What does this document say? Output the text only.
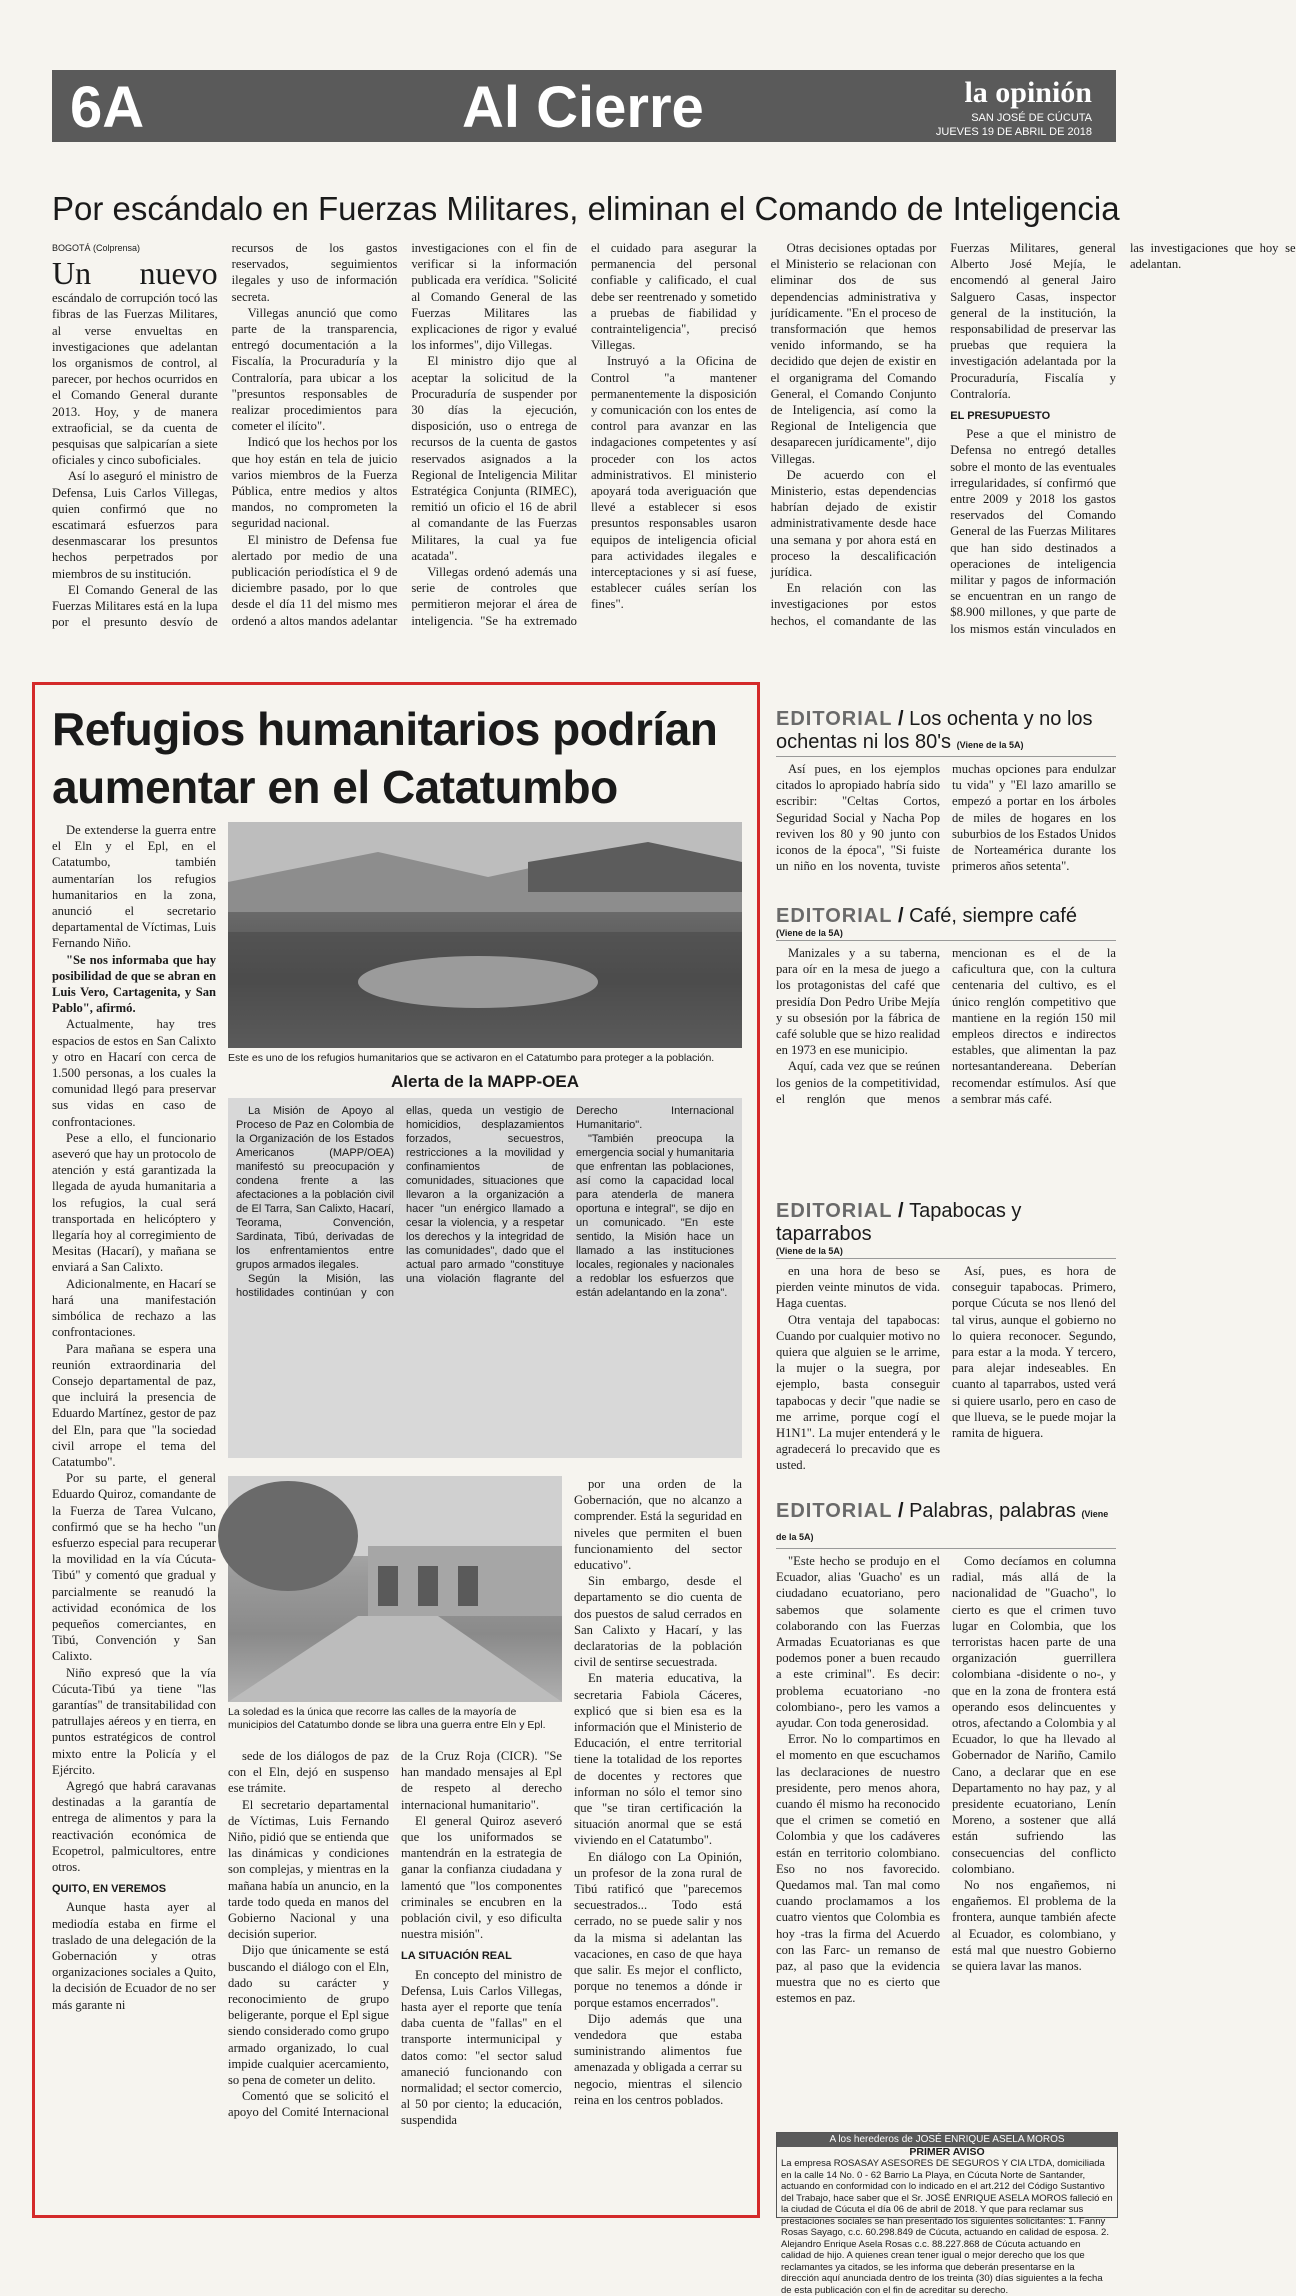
6A	Al Cierre	la opinión
SAN JOSÉ DE CÚCUTA
JUEVES 19 DE ABRIL DE 2018
Por escándalo en Fuerzas Militares, eliminan el Comando de Inteligencia
BOGOTÁ (Colprensa)

Un nuevo escándalo de corrupción tocó las fibras de las Fuerzas Militares, al verse envueltas en investigaciones que adelantan los organismos de control, al parecer, por hechos ocurridos en el Comando General durante 2013. Hoy, y de manera extraoficial, se da cuenta de pesquisas que salpicarían a siete oficiales y cinco suboficiales.

Así lo aseguró el ministro de Defensa, Luis Carlos Villegas, quien confirmó que no escatimará esfuerzos para desenmascarar los presuntos hechos perpetrados por miembros de su institución.

El Comando General de las Fuerzas Militares está en la lupa por el presunto desvío de recursos de los gastos reservados, seguimientos ilegales y uso de información secreta.

Villegas anunció que como parte de la transparencia, entregó documentación a la Fiscalía, la Procuraduría y la Contraloría, para ubicar a los "presuntos responsables de realizar procedimientos para cometer el ilícito".

Indicó que los hechos por los que hoy están en tela de juicio varios miembros de la Fuerza Pública, entre medios y altos mandos, no comprometen la seguridad nacional.

El ministro de Defensa fue alertado por medio de una publicación periodística el 9 de diciembre pasado, por lo que desde el día 11 del mismo mes ordenó a altos mandos adelantar investigaciones con el fin de verificar si la información publicada era verídica. "Solicité al Comando General de las Fuerzas Militares las explicaciones de rigor y evalué los informes", dijo Villegas.

El ministro dijo que al aceptar la solicitud de la Procuraduría de suspender por 30 días la ejecución, disposición, uso o entrega de recursos de la cuenta de gastos reservados asignados a la Regional de Inteligencia Militar Estratégica Conjunta (RIMEC), remitió un oficio el 16 de abril al comandante de las Fuerzas Militares, la cual ya fue acatada".

Villegas ordenó además una serie de controles que permitieron mejorar el área de inteligencia. "Se ha extremado el cuidado para asegurar la permanencia del personal confiable y calificado, el cual debe ser reentrenado y sometido a pruebas de fiabilidad y contrainteligencia", precisó Villegas.

Instruyó a la Oficina de Control "a mantener permanentemente la disposición y comunicación con los entes de control para avanzar en las indagaciones competentes y así proceder con los actos administrativos. El ministerio apoyará toda averiguación que llevé a establecer si esos presuntos responsables usaron equipos de inteligencia oficial para actividades ilegales e interceptaciones y si así fuese, establecer cuáles serían los fines".

Otras decisiones optadas por el Ministerio se relacionan con eliminar dos de sus dependencias administrativa y jurídicamente. "En el proceso de transformación que hemos venido informando, se ha decidido que dejen de existir en el organigrama del Comando General, el Comando Conjunto de Inteligencia, así como la Regional de Inteligencia que desaparecen jurídicamente", dijo Villegas.

De acuerdo con el Ministerio, estas dependencias habrían dejado de existir administrativamente desde hace una semana y por ahora está en proceso la descalificación jurídica.

En relación con las investigaciones por estos hechos, el comandante de las Fuerzas Militares, general Alberto José Mejía, le encomendó al general Jairo Salguero Casas, inspector general de la institución, la responsabilidad de preservar las pruebas que requiera la investigación adelantada por la Procuraduría, Fiscalía y Contraloría.

EL PRESUPUESTO

Pese a que el ministro de Defensa no entregó detalles sobre el monto de las eventuales irregularidades, sí confirmó que entre 2009 y 2018 los gastos reservados del Comando General de las Fuerzas Militares que han sido destinados a operaciones de inteligencia militar y pagos de información se encuentran en un rango de $8.900 millones, y que parte de los mismos están vinculados en las investigaciones que hoy se adelantan.

Refugios humanitarios podrían
aumentar en el Catatumbo

De extenderse la guerra entre el Eln y el Epl, en el Catatumbo, también aumentarían los refugios humanitarios en la zona, anunció el secretario departamental de Víctimas, Luis Fernando Niño.

"Se nos informaba que hay posibilidad de que se abran en Luis Vero, Cartagenita, y San Pablo", afirmó.

Actualmente, hay tres espacios de estos en San Calixto y otro en Hacarí con cerca de 1.500 personas, a los cuales la comunidad llegó para preservar sus vidas en caso de confrontaciones.

Pese a ello, el funcionario aseveró que hay un protocolo de atención y está garantizada la llegada de ayuda humanitaria a los refugios, la cual será transportada en helicóptero y llegaría hoy al corregimiento de Mesitas (Hacarí), y mañana se enviará a San Calixto.

Adicionalmente, en Hacarí se hará una manifestación simbólica de rechazo a las confrontaciones.

Para mañana se espera una reunión extraordinaria del Consejo departamental de paz, que incluirá la presencia de Eduardo Martínez, gestor de paz del Eln, para que "la sociedad civil arrope el tema del Catatumbo".

Por su parte, el general Eduardo Quiroz, comandante de la Fuerza de Tarea Vulcano, confirmó que se ha hecho "un esfuerzo especial para recuperar la movilidad en la vía Cúcuta-Tibú" y comentó que gradual y parcialmente se reanudó la actividad económica de los pequeños comerciantes, en Tibú, Convención y San Calixto.

Niño expresó que la vía Cúcuta-Tibú ya tiene "las garantías" de transitabilidad con patrullajes aéreos y en tierra, en puntos estratégicos de control mixto entre la Policía y el Ejército.

Agregó que habrá caravanas destinadas a la garantía de entrega de alimentos y para la reactivación económica de Ecopetrol, palmicultores, entre otros.

QUITO, EN VEREMOS

Aunque hasta ayer al mediodía estaba en firme el traslado de una delegación de la Gobernación y otras organizaciones sociales a Quito, la decisión de Ecuador de no ser más garante ni

Este es uno de los refugios humanitarios que se activaron en el Catatumbo para proteger a la población.
Alerta de la MAPP-OEA

La Misión de Apoyo al Proceso de Paz en Colombia de la Organización de los Estados Americanos (MAPP/OEA) manifestó su preocupación y condena frente a las afectaciones a la población civil de El Tarra, San Calixto, Hacarí, Teorama, Convención, Sardinata, Tibú, derivadas de los enfrentamientos entre grupos armados ilegales.

Según la Misión, las hostilidades continúan y con ellas, queda un vestigio de homicidios, desplazamientos forzados, secuestros, restricciones a la movilidad y confinamientos de comunidades, situaciones que llevaron a la organización a hacer "un enérgico llamado a cesar la violencia, y a respetar los derechos y la integridad de las comunidades", dado que el actual paro armado "constituye una violación flagrante del Derecho Internacional Humanitario".

"También preocupa la emergencia social y humanitaria que enfrentan las poblaciones, así como la capacidad local para atenderla de manera oportuna e integral", se dijo en un comunicado. "En este sentido, la Misión hace un llamado a las instituciones locales, regionales y nacionales a redoblar los esfuerzos que están adelantando en la zona".

La soledad es la única que recorre las calles de la mayoría de municipios del Catatumbo donde se libra una guerra entre Eln y Epl.

sede de los diálogos de paz con el Eln, dejó en suspenso ese trámite.

El secretario departamental de Víctimas, Luis Fernando Niño, pidió que se entienda que las dinámicas y condiciones son complejas, y mientras en la mañana había un anuncio, en la tarde todo queda en manos del Gobierno Nacional y una decisión superior.

Dijo que únicamente se está buscando el diálogo con el Eln, dado su carácter y reconocimiento de grupo beligerante, porque el Epl sigue siendo considerado como grupo armado organizado, lo cual impide cualquier acercamiento, so pena de cometer un delito.

Comentó que se solicitó el apoyo del Comité Internacional de la Cruz Roja (CICR). "Se han mandado mensajes al Epl de respeto al derecho internacional humanitario".

El general Quiroz aseveró que los uniformados se mantendrán en la estrategia de ganar la confianza ciudadana y lamentó que "los componentes criminales se encubren en la población civil, y eso dificulta nuestra misión".

LA SITUACIÓN REAL

En concepto del ministro de Defensa, Luis Carlos Villegas, hasta ayer el reporte que tenía daba cuenta de "fallas" en el transporte intermunicipal y datos como: "el sector salud amaneció funcionando con normalidad; el sector comercio, al 50 por ciento; la educación, suspendida

por una orden de la Gobernación, que no alcanzo a comprender. Está la seguridad en niveles que permiten el buen funcionamiento del sector educativo".

Sin embargo, desde el departamento se dio cuenta de dos puestos de salud cerrados en San Calixto y Hacarí, y las declaratorias de la población civil de sentirse secuestrada.

En materia educativa, la secretaria Fabiola Cáceres, explicó que si bien esa es la información que el Ministerio de Educación, el entre territorial tiene la totalidad de los reportes de docentes y rectores que informan no sólo el temor sino que "se tiran certificación la situación anormal que se está viviendo en el Catatumbo".

En diálogo con La Opinión, un profesor de la zona rural de Tibú ratificó que "parecemos secuestrados... Todo está cerrado, no se puede salir y nos da la misma si adelantan las vacaciones, en caso de que haya que salir. Es mejor el conflicto, porque no tenemos a dónde ir porque estamos encerrados".

Dijo además que una vendedora que estaba suministrando alimentos fue amenazada y obligada a cerrar su negocio, mientras el silencio reina en los centros poblados.

EDITORIAL / Los ochenta y no los ochentas ni los 80's (Viene de la 5A)

Así pues, en los ejemplos citados lo apropiado habría sido escribir: "Celtas Cortos, Seguridad Social y Nacha Pop reviven los 80 y 90 junto con iconos de la época", "Si fuiste un niño en los noventa, tuviste muchas opciones para endulzar tu vida" y "El lazo amarillo se empezó a portar en los árboles de miles de hogares en los suburbios de los Estados Unidos de Norteamérica durante los primeros años setenta".

EDITORIAL / Café, siempre café
(Viene de la 5A)

Manizales y a su taberna, para oír en la mesa de juego a los protagonistas del café que presidía Don Pedro Uribe Mejía y su obsesión por la fábrica de café soluble que se hizo realidad en 1973 en ese municipio.

Aquí, cada vez que se reúnen los genios de la competitividad, el renglón que menos mencionan es el de la caficultura que, con la cultura centenaria del cultivo, es el único renglón competitivo que mantiene en la región 150 mil empleos directos e indirectos estables, que alimentan la paz nortesantandereana. Deberían recomendar estímulos. Así que a sembrar más café.

EDITORIAL / Tapabocas y taparrabos
(Viene de la 5A)

en una hora de beso se pierden veinte minutos de vida. Haga cuentas.

Otra ventaja del tapabocas: Cuando por cualquier motivo no quiera que alguien se le arrime, la mujer o la suegra, por ejemplo, basta conseguir tapabocas y decir "que nadie se me arrime, porque cogí el H1N1". La mujer entenderá y le agradecerá lo precavido que es usted.

Así, pues, es hora de conseguir tapabocas. Primero, porque Cúcuta se nos llenó del tal virus, aunque el gobierno no lo quiera reconocer. Segundo, para estar a la moda. Y tercero, para alejar indeseables. En cuanto al taparrabos, usted verá si quiere usarlo, pero en caso de que llueva, se le puede mojar la ramita de higuera.

EDITORIAL / Palabras, palabras (Viene de la 5A)

"Este hecho se produjo en el Ecuador, alias 'Guacho' es un ciudadano ecuatoriano, pero sabemos que solamente colaborando con las Fuerzas Armadas Ecuatorianas es que podemos poner a buen recaudo a este criminal". Es decir: problema ecuatoriano -no colombiano-, pero les vamos a ayudar. Con toda generosidad.

Error. No lo compartimos en el momento en que escuchamos las declaraciones de nuestro presidente, pero menos ahora, cuando él mismo ha reconocido que el crimen se cometió en Colombia y que los cadáveres están en territorio colombiano. Eso no nos favorecido. Quedamos mal. Tan mal como cuando proclamamos a los cuatro vientos que Colombia es hoy -tras la firma del Acuerdo con las Farc- un remanso de paz, al paso que la evidencia muestra que no es cierto que estemos en paz.

Como decíamos en columna radial, más allá de la nacionalidad de "Guacho", lo cierto es que el crimen tuvo lugar en Colombia, que los terroristas hacen parte de una organización guerrillera colombiana -disidente o no-, y que en la zona de frontera está operando esos delincuentes y otros, afectando a Colombia y al Ecuador, lo que ha llevado al Gobernador de Nariño, Camilo Cano, a declarar que en ese Departamento no hay paz, y al presidente ecuatoriano, Lenín Moreno, a sostener que allá están sufriendo las consecuencias del conflicto colombiano.

No nos engañemos, ni engañemos. El problema de la frontera, aunque también afecte al Ecuador, es colombiano, y está mal que nuestro Gobierno se quiera lavar las manos.

A los herederos de JOSÉ ENRIQUE ASELA MOROS
PRIMER AVISO
La empresa ROSASAY ASESORES DE SEGUROS Y CIA LTDA, domiciliada en la calle 14 No. 0 - 62 Barrio La Playa, en Cúcuta Norte de Santander, actuando en conformidad con lo indicado en el art.212 del Código Sustantivo del Trabajo, hace saber que el Sr. JOSÉ ENRIQUE ASELA MOROS falleció en la ciudad de Cúcuta el día 06 de abril de 2018. Y que para reclamar sus prestaciones sociales se han presentado los siguientes solicitantes: 1. Fanny Rosas Sayago, c.c. 60.298.849 de Cúcuta, actuando en calidad de esposa. 2. Alejandro Enrique Asela Rosas c.c. 88.227.868 de Cúcuta actuando en calidad de hijo. A quienes crean tener igual o mejor derecho que los que reclamantes ya citados, se les informa que deberán presentarse en la dirección aquí anunciada dentro de los treinta (30) días siguientes a la fecha de esta publicación con el fin de acreditar su derecho.
